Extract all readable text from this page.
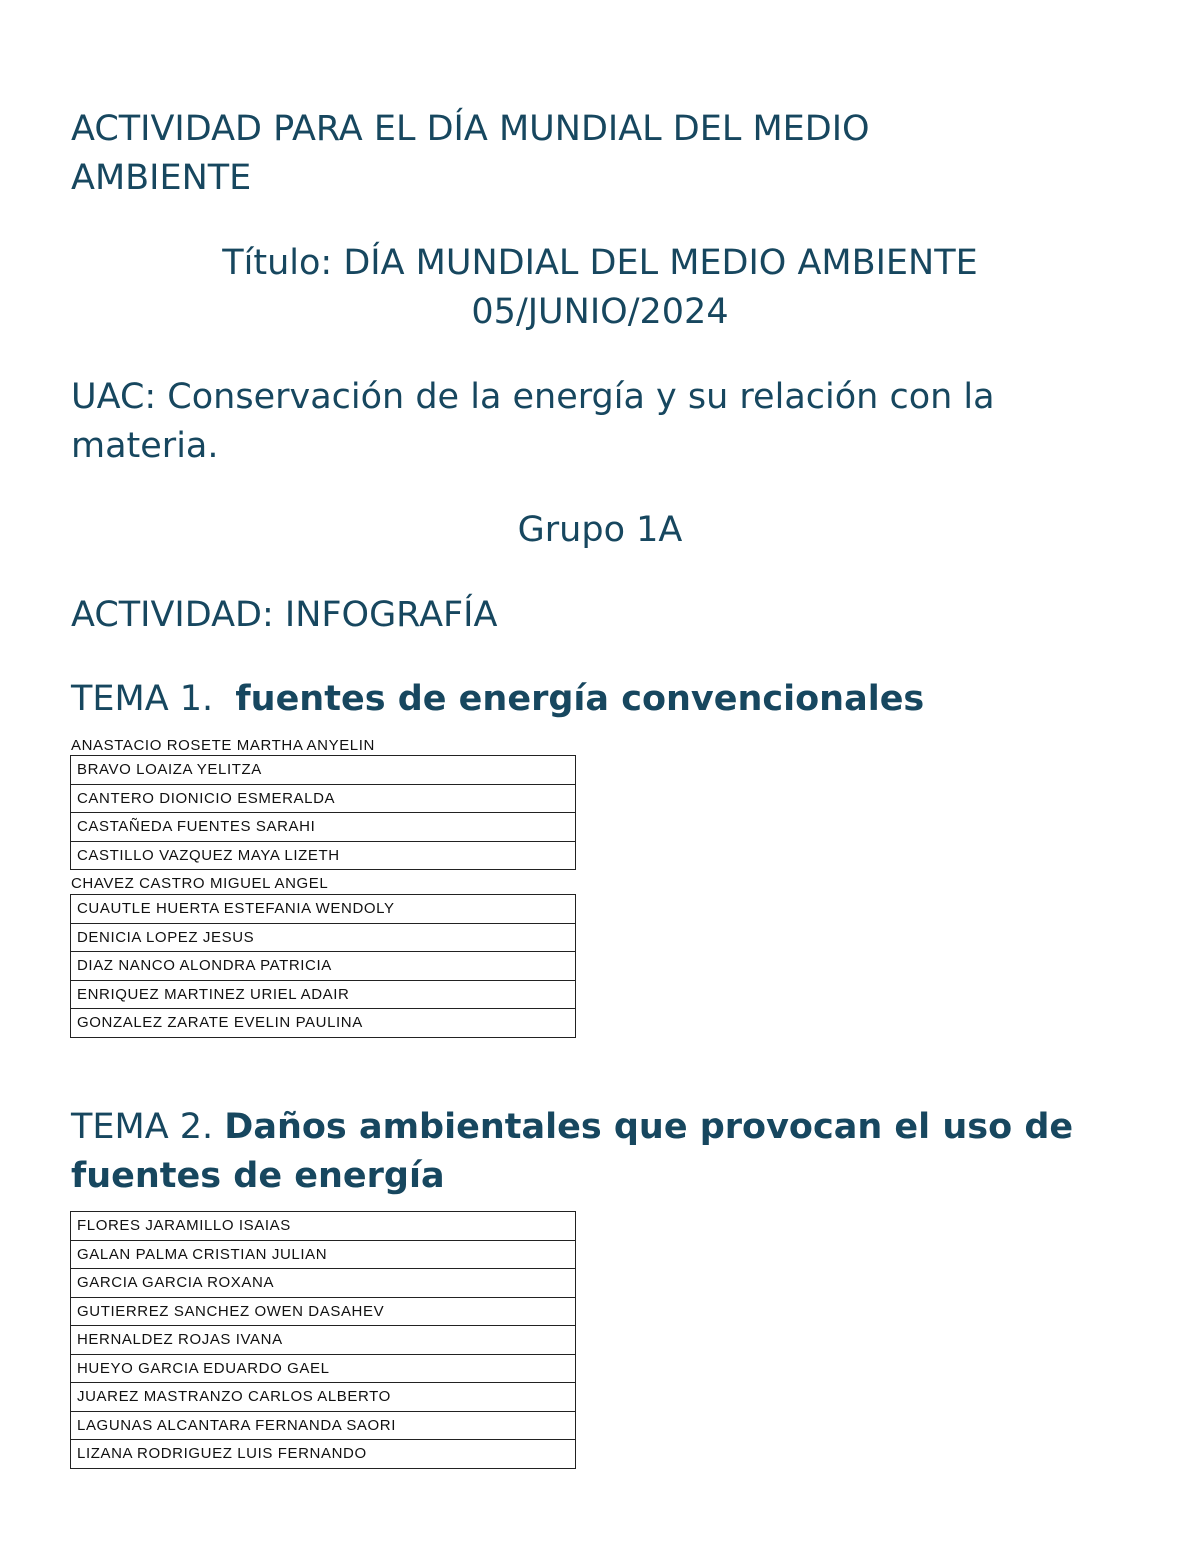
ACTIVIDAD PARA EL DÍA MUNDIAL DEL MEDIO AMBIENTE
Título: DÍA MUNDIAL DEL MEDIO AMBIENTE
05/JUNIO/2024
UAC: Conservación de la energía y su relación con la materia.
Grupo 1A
ACTIVIDAD: INFOGRAFÍA
TEMA 1. fuentes de energía convencionales
ANASTACIO ROSETE MARTHA ANYELIN
BRAVO LOAIZA YELITZA
CANTERO DIONICIO ESMERALDA
CASTAÑEDA FUENTES SARAHI
CASTILLO VAZQUEZ MAYA LIZETH
CHAVEZ CASTRO MIGUEL ANGEL
CUAUTLE HUERTA ESTEFANIA WENDOLY
DENICIA LOPEZ JESUS
DIAZ NANCO ALONDRA PATRICIA
ENRIQUEZ MARTINEZ URIEL ADAIR
GONZALEZ ZARATE EVELIN PAULINA
TEMA 2. Daños ambientales que provocan el uso de fuentes de energía
FLORES JARAMILLO ISAIAS
GALAN PALMA CRISTIAN JULIAN
GARCIA GARCIA ROXANA
GUTIERREZ SANCHEZ OWEN DASAHEV
HERNALDEZ ROJAS IVANA
HUEYO GARCIA EDUARDO GAEL
JUAREZ MASTRANZO CARLOS ALBERTO
LAGUNAS ALCANTARA FERNANDA SAORI
LIZANA RODRIGUEZ LUIS FERNANDO
